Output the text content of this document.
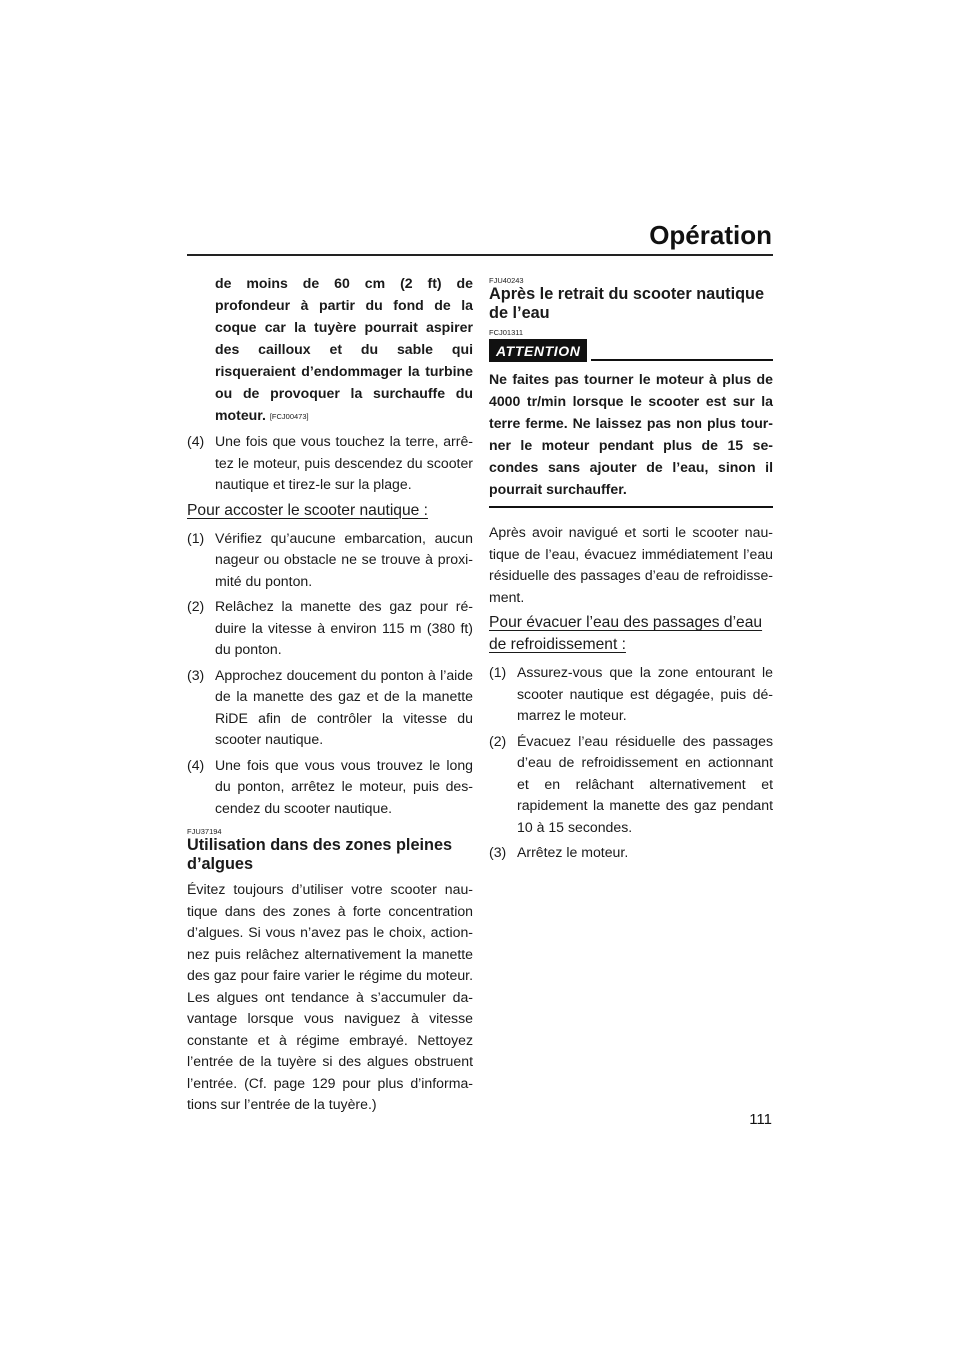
Opération

de moins de 60 cm (2 ft) de profondeur à partir du fond de la coque car la tuyère pourrait aspirer des cailloux et du sable qui risqueraient d’endommager la turbine ou de provoquer la surchauffe du moteur. [FCJ00473]

(4) Une fois que vous touchez la terre, arrêtez le moteur, puis descendez du scooter nautique et tirez-le sur la plage.
Pour accoster le scooter nautique :
(1) Vérifiez qu’aucune embarcation, aucun nageur ou obstacle ne se trouve à proximité du ponton.
(2) Relâchez la manette des gaz pour réduire la vitesse à environ 115 m (380 ft) du ponton.
(3) Approchez doucement du ponton à l’aide de la manette des gaz et de la manette RiDE afin de contrôler la vitesse du scooter nautique.
(4) Une fois que vous vous trouvez le long du ponton, arrêtez le moteur, puis descendez du scooter nautique.
FJU37194
Utilisation dans des zones pleines d’algues

Évitez toujours d’utiliser votre scooter nautique dans des zones à forte concentration d’algues. Si vous n’avez pas le choix, actionnez puis relâchez alternativement la manette des gaz pour faire varier le régime du moteur. Les algues ont tendance à s’accumuler davantage lorsque vous naviguez à vitesse constante et à régime embrayé. Nettoyez l’entrée de la tuyère si des algues obstruent l’entrée. (Cf. page 129 pour plus d’informations sur l’entrée de la tuyère.)

FJU40243
Après le retrait du scooter nautique de l’eau
FCJ01311
ATTENTION

Ne faites pas tourner le moteur à plus de 4000 tr/min lorsque le scooter est sur la terre ferme. Ne laissez pas non plus tourner le moteur pendant plus de 15 secondes sans ajouter de l’eau, sinon il pourrait surchauffer.

Après avoir navigué et sorti le scooter nautique de l’eau, évacuez immédiatement l’eau résiduelle des passages d’eau de refroidissement.

Pour évacuer l’eau des passages d’eau de refroidissement :
(1) Assurez-vous que la zone entourant le scooter nautique est dégagée, puis démarrez le moteur.
(2) Évacuez l’eau résiduelle des passages d’eau de refroidissement en actionnant et en relâchant alternativement et rapidement la manette des gaz pendant 10 à 15 secondes.
(3) Arrêtez le moteur.
111
